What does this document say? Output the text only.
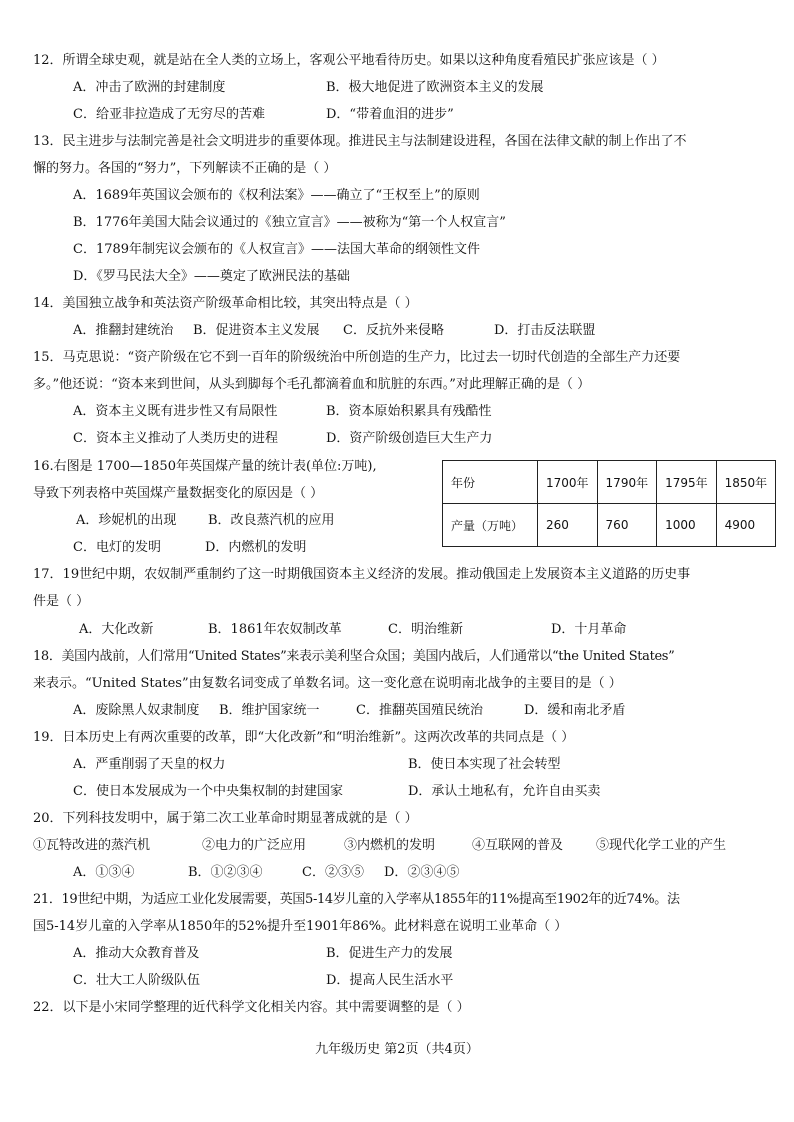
12．所谓全球史观，就是站在全人类的立场上，客观公平地看待历史。如果以这种角度看殖民扩张应该是（ ）
A．冲击了欧洲的封建制度	B．极大地促进了欧洲资本主义的发展
C．给亚非拉造成了无穷尽的苦难	D．“带着血泪的进步”
13．民主进步与法制完善是社会文明进步的重要体现。推进民主与法制建设进程，各国在法律文献的制上作出了不
懈的努力。各国的“努力”，下列解读不正确的是（ ）
A．1689年英国议会颁布的《权利法案》——确立了“王权至上”的原则
B．1776年美国大陆会议通过的《独立宣言》——被称为“第一个人权宣言”
C．1789年制宪议会颁布的《人权宣言》——法国大革命的纲领性文件
D．《罗马民法大全》——奠定了欧洲民法的基础
14．美国独立战争和英法资产阶级革命相比较，其突出特点是（ ）
A．推翻封建统治 B．促进资本主义发展 C．反抗外来侵略	D．打击反法联盟
15．马克思说：“资产阶级在它不到一百年的阶级统治中所创造的生产力，比过去一切时代创造的全部生产力还要
多。”他还说：“资本来到世间，从头到脚每个毛孔都滴着血和肮脏的东西。”对此理解正确的是（ ）
A．资本主义既有进步性又有局限性	B．资本原始积累具有残酷性
C．资本主义推动了人类历史的进程	D．资产阶级创造巨大生产力
16.右图是 1700—1850年英国煤产量的统计表(单位:万吨),
导致下列表格中英国煤产量数据变化的原因是（ ）
A．珍妮机的出现 B．改良蒸汽机的应用
C．电灯的发明	D．内燃机的发明
年份	1700年	1790年	1795年	1850年
产量（万吨）	260	760	1000	4900
17．19世纪中期，农奴制严重制约了这一时期俄国资本主义经济的发展。推动俄国走上发展资本主义道路的历史事
件是（ ）
A．大化改新	B．1861年农奴制改革	C．明治维新	D．十月革命
18．美国内战前，人们常用“United States”来表示美利坚合众国；美国内战后，人们通常以“the United States”
来表示。“United States”由复数名词变成了单数名词。这一变化意在说明南北战争的主要目的是（ ）
A．废除黑人奴隶制度 B．维护国家统一	C．推翻英国殖民统治	D．缓和南北矛盾
19．日本历史上有两次重要的改革，即“大化改新”和“明治维新”。这两次改革的共同点是（ ）
A．严重削弱了天皇的权力	B．使日本实现了社会转型
C．使日本发展成为一个中央集权制的封建国家	D．承认土地私有，允许自由买卖
20．下列科技发明中，属于第二次工业革命时期显著成就的是（ ）
①瓦特改进的蒸汽机	②电力的广泛应用	③内燃机的发明	④互联网的普及	⑤现代化学工业的产生
A．①③④	B．①②③④	C．②③⑤ D．②③④⑤
21．19世纪中期，为适应工业化发展需要，英国5-14岁儿童的入学率从1855年的11%提高至1902年的近74%。法
国5-14岁儿童的入学率从1850年的52%提升至1901年86%。此材料意在说明工业革命（ ）
A．推动大众教育普及	B．促进生产力的发展
C．壮大工人阶级队伍	D．提高人民生活水平
22．以下是小宋同学整理的近代科学文化相关内容。其中需要调整的是（ ）
九年级历史 第2页（共4页）
